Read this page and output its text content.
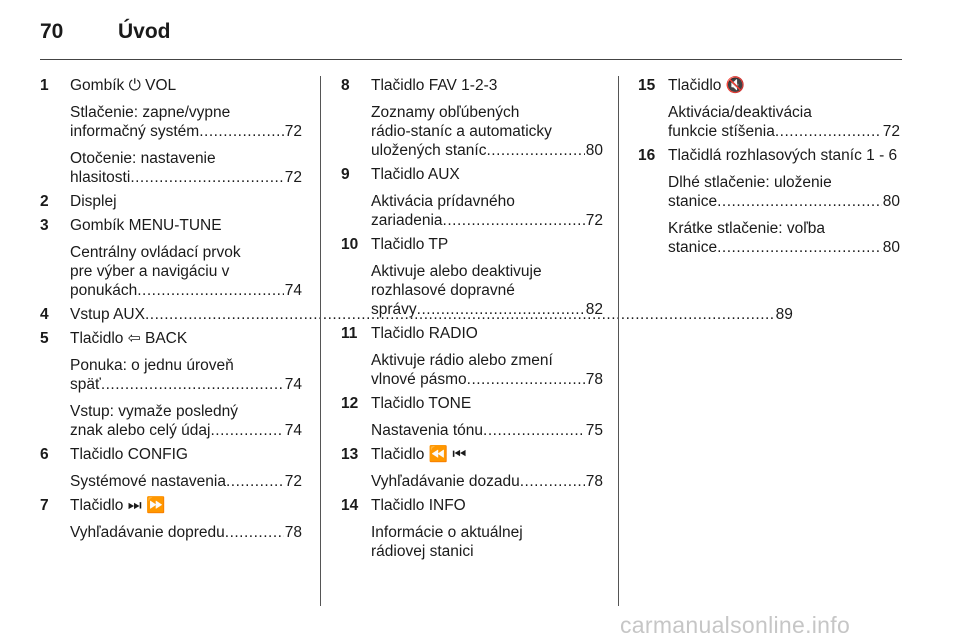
70	Úvod
1	Gombík ⏻ VOL
Stlačenie: zapne/vypne
informačný systém .....	72
Otočenie: nastavenie
hlasitosti .....	72
2	Displej
3	Gombík MENU-TUNE
Centrálny ovládací prvok
pre výber a navigáciu v
ponukách .....	74
4	Vstup AUX .....	89
5	Tlačidlo ⇦ BACK
Ponuka: o jednu úroveň
späť .....	74
Vstup: vymaže posledný
znak alebo celý údaj .....	74
6	Tlačidlo CONFIG
Systémové nastavenia .....	72
7	Tlačidlo ⏭ ⏩
Vyhľadávanie dopredu .....	78
8	Tlačidlo FAV 1-2-3
Zoznamy obľúbených
rádio-staníc a automaticky
uložených staníc .....	80
9	Tlačidlo AUX
Aktivácia prídavného
zariadenia .....	72
10 Tlačidlo TP
Aktivuje alebo deaktivuje
rozhlasové dopravné
správy .....	82
11 Tlačidlo RADIO
Aktivuje rádio alebo zmení
vlnové pásmo .....	78
12 Tlačidlo TONE
Nastavenia tónu .....	75
13 Tlačidlo ⏪ ⏮
Vyhľadávanie dozadu .....	78
14 Tlačidlo INFO
Informácie o aktuálnej
rádiovej stanici
15 Tlačidlo 🔇
Aktivácia/deaktivácia
funkcie stíšenia .....	72
16 Tlačidlá rozhlasových staníc 1 - 6
Dlhé stlačenie: uloženie
stanice .....	80
Krátke stlačenie: voľba
stanice .....	80
carmanualsonline.info
